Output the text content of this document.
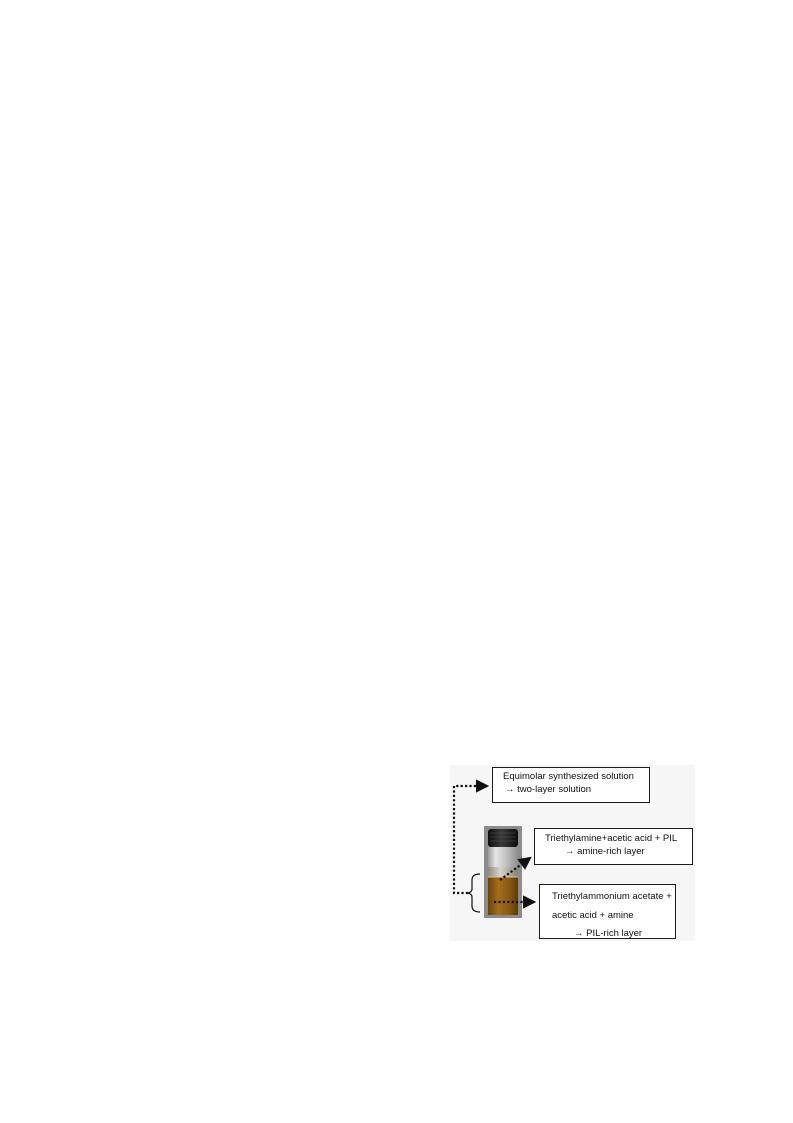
Equimolar synthesized solution
→ two-layer solution
Triethylamine+acetic acid + PIL
→ amine-rich layer
Triethylammonium acetate +
acetic acid + amine
→ PIL-rich layer
